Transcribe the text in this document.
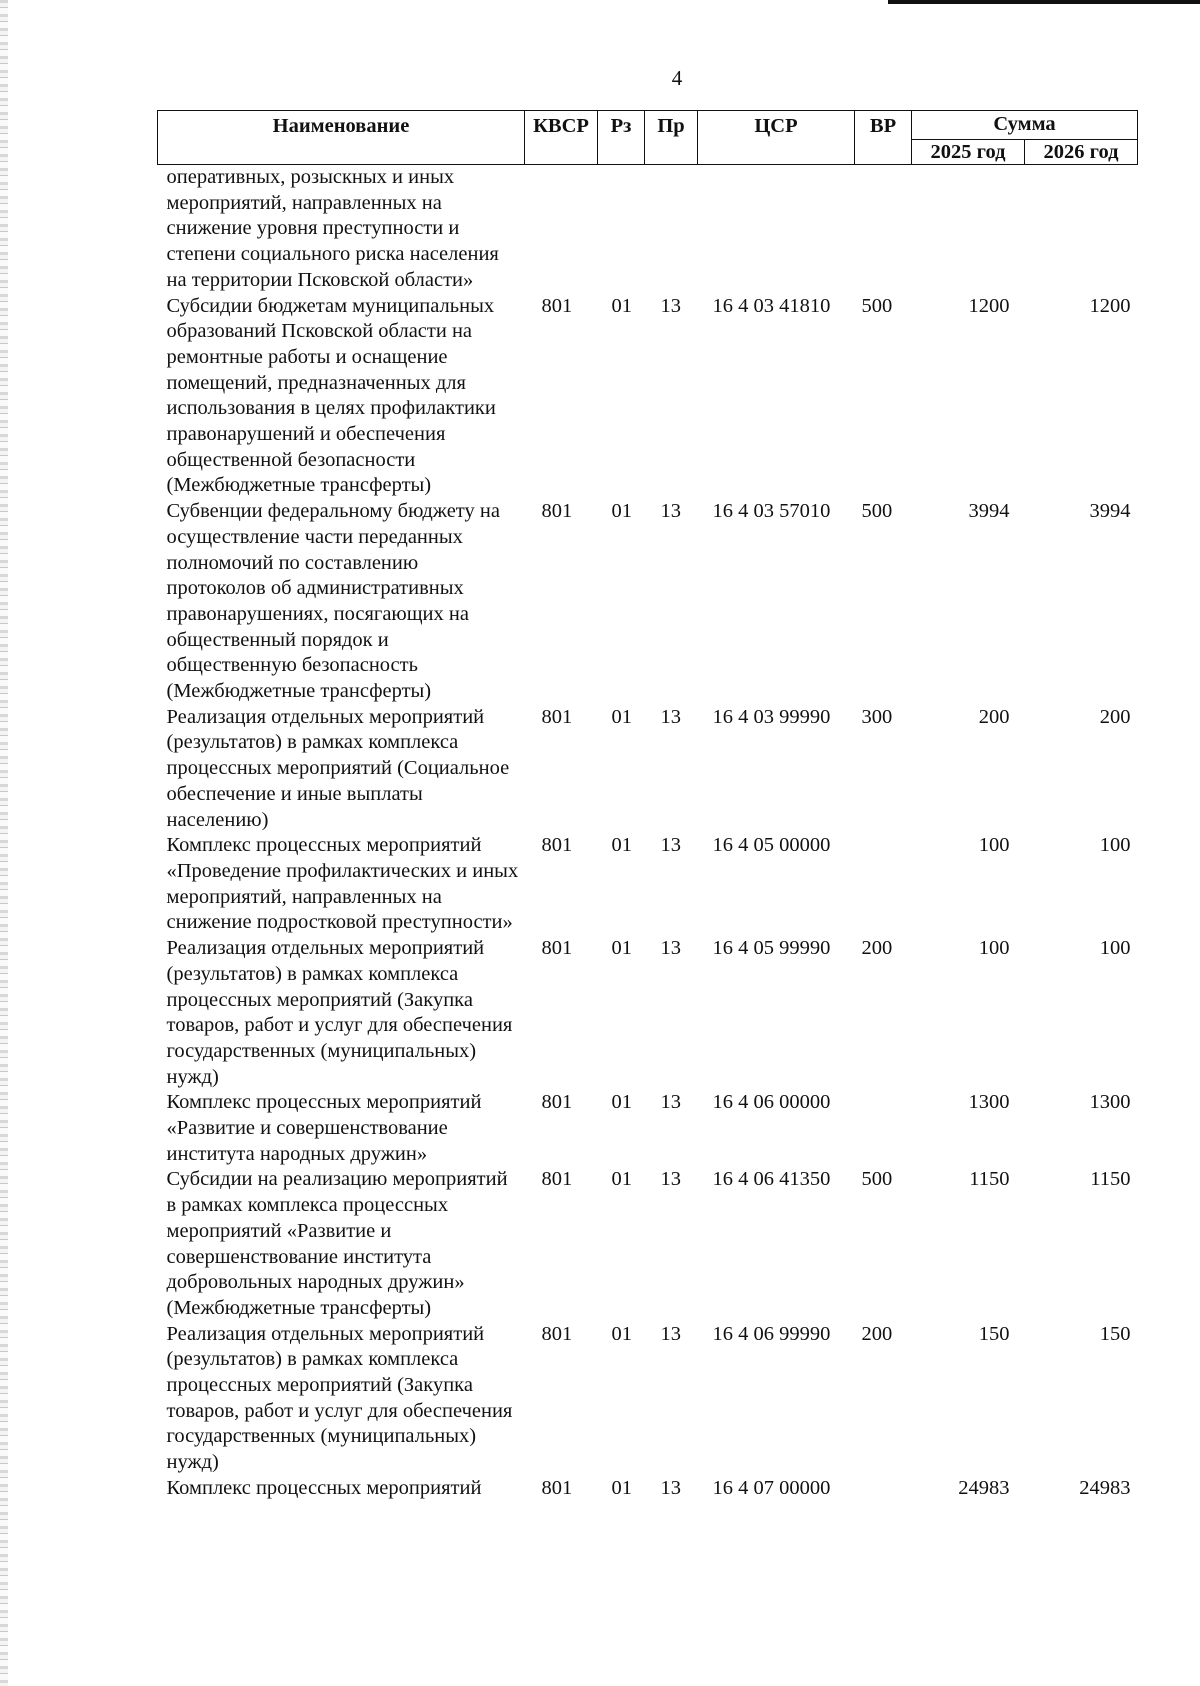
4
Наименование	КВСР	Рз	Пр	ЦСР	ВР	Сумма	
						2025 год	2026 год
оперативных, розыскных и иных мероприятий, направленных на снижение уровня преступности и степени социального риска населения на территории Псковской области»							
Субсидии бюджетам муниципальных образований Псковской области на ремонтные работы и оснащение помещений, предназначенных для использования в целях профилактики правонарушений и обеспечения общественной безопасности (Межбюджетные трансферты)	801	01	13	16 4 03 41810	500	1200	1200
Субвенции федеральному бюджету на осуществление части переданных полномочий по составлению протоколов об административных правонарушениях, посягающих на общественный порядок и общественную безопасность (Межбюджетные трансферты)	801	01	13	16 4 03 57010	500	3994	3994
Реализация отдельных мероприятий (результатов) в рамках комплекса процессных мероприятий (Социальное обеспечение и иные выплаты населению)	801	01	13	16 4 03 99990	300	200	200
Комплекс процессных мероприятий «Проведение профилактических и иных мероприятий, направленных на снижение подростковой преступности»	801	01	13	16 4 05 00000		100	100
Реализация отдельных мероприятий (результатов) в рамках комплекса процессных мероприятий (Закупка товаров, работ и услуг для обеспечения государственных (муниципальных) нужд)	801	01	13	16 4 05 99990	200	100	100
Комплекс процессных мероприятий «Развитие и совершенствование института народных дружин»	801	01	13	16 4 06 00000		1300	1300
Субсидии на реализацию мероприятий в рамках комплекса процессных мероприятий «Развитие и совершенствование института добровольных народных дружин» (Межбюджетные трансферты)	801	01	13	16 4 06 41350	500	1150	1150
Реализация отдельных мероприятий (результатов) в рамках комплекса процессных мероприятий (Закупка товаров, работ и услуг для обеспечения государственных (муниципальных) нужд)	801	01	13	16 4 06 99990	200	150	150
Комплекс процессных мероприятий	801	01	13	16 4 07 00000		24983	24983
